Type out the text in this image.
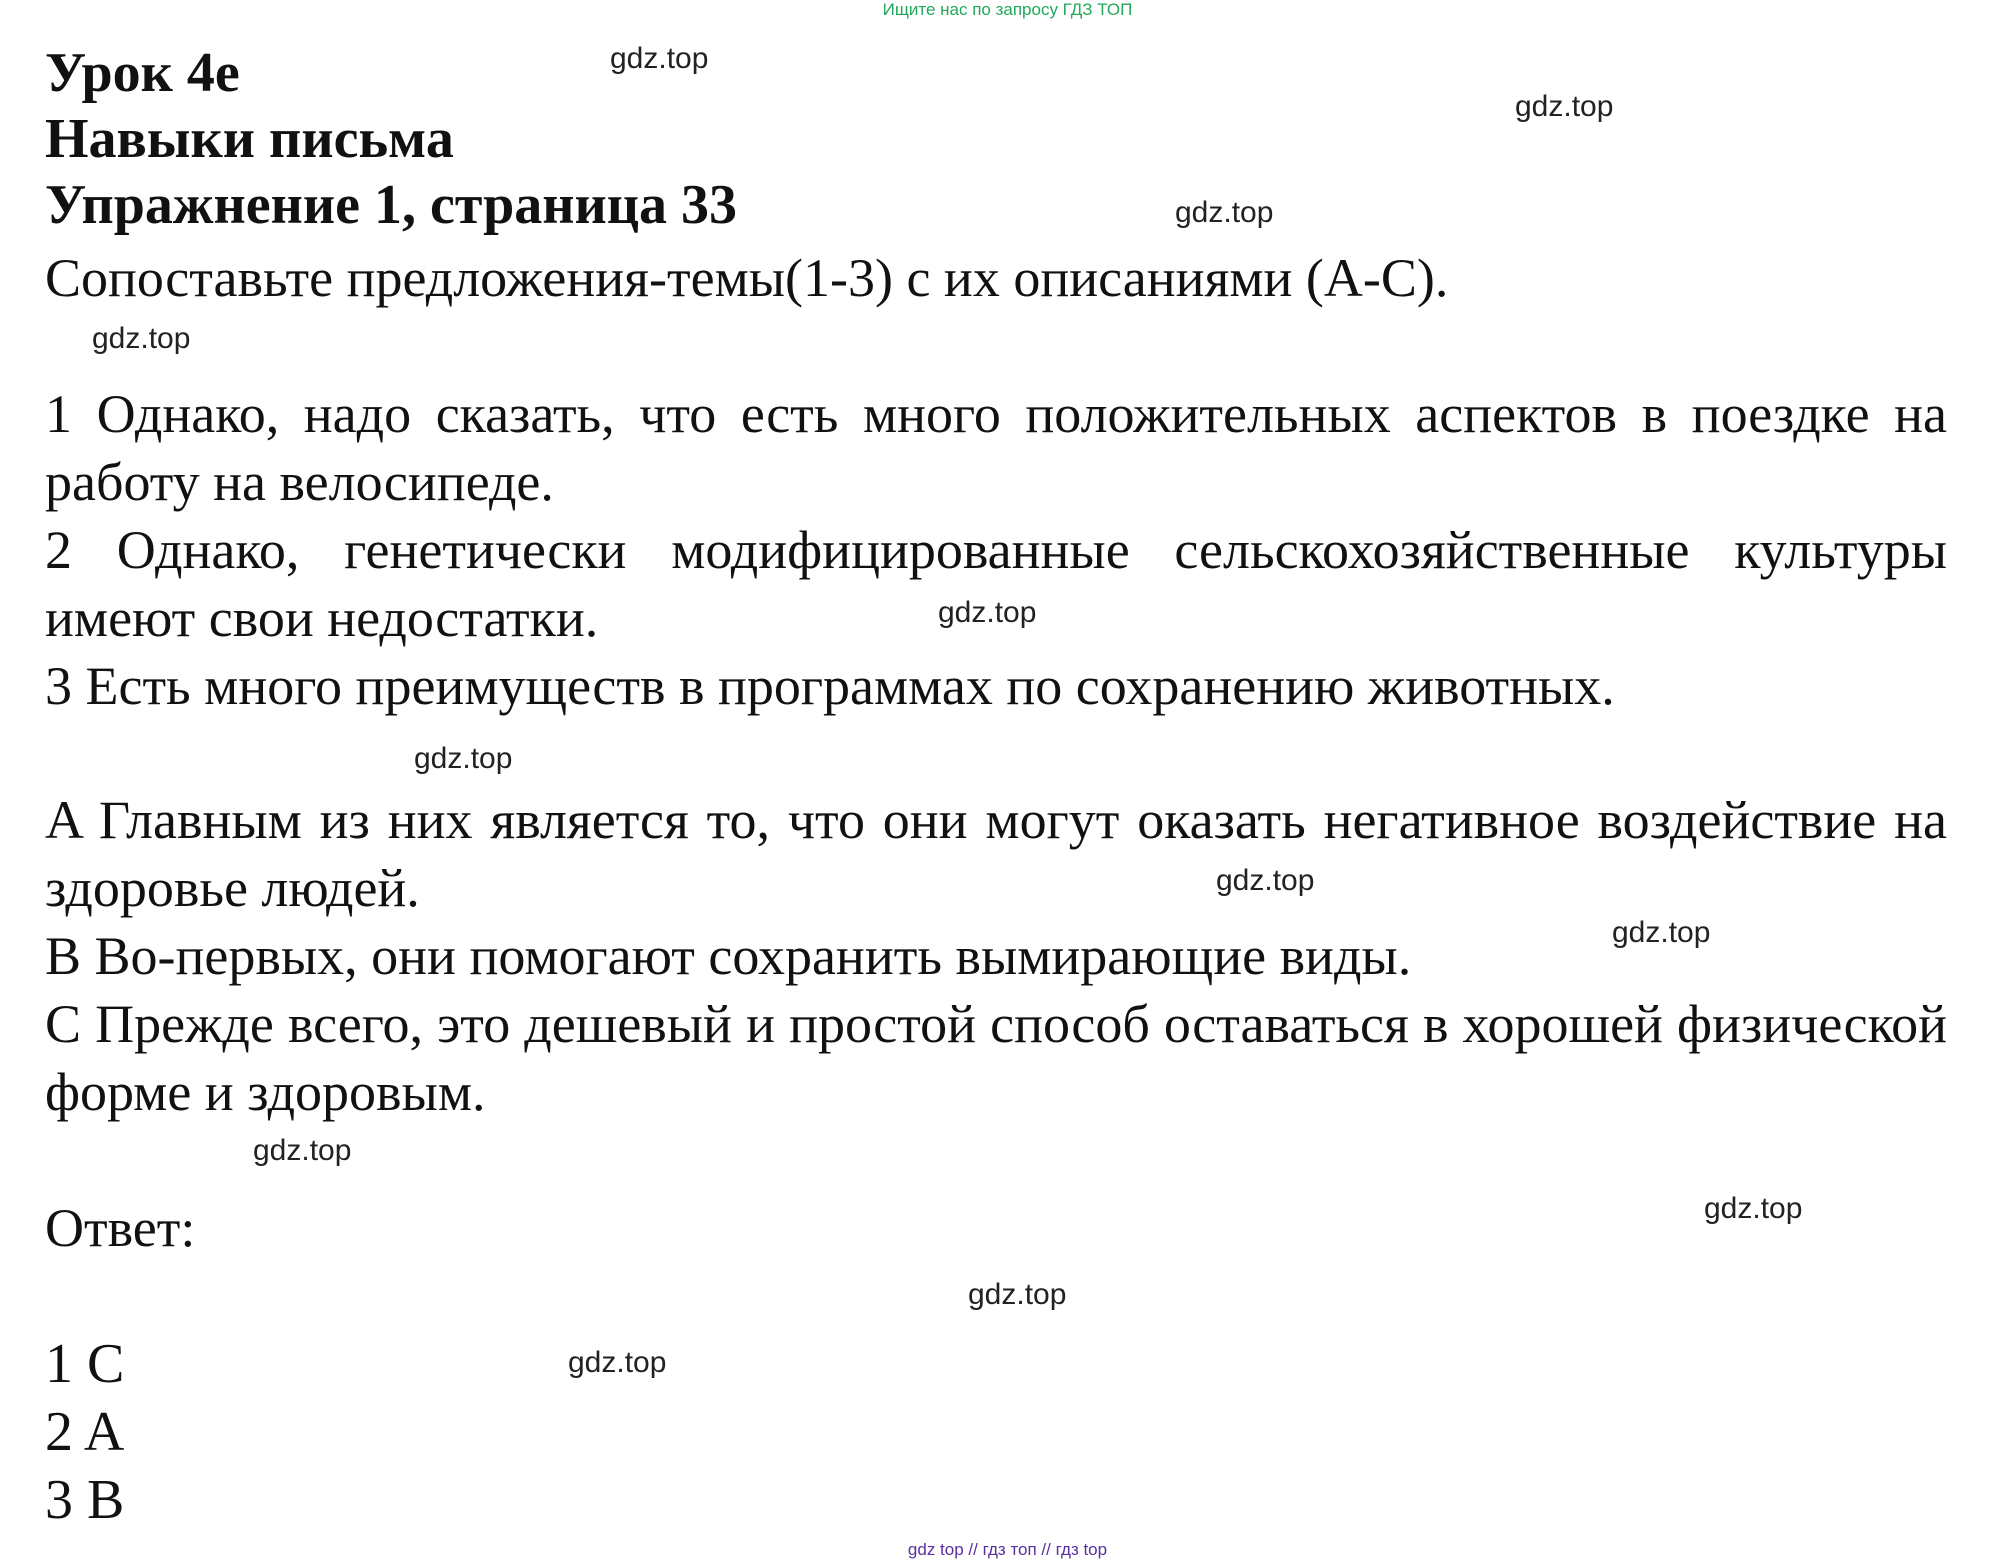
Ищите нас по запросу ГДЗ ТОП
Урок 4e
Навыки письма
Упражнение 1, страница 33
Сопоставьте предложения-темы(1-3) с их описаниями (A-C).
1 Однако, надо сказать, что есть много положительных аспектов в поездке на работу на велосипеде.
2 Однако, генетически модифицированные сельскохозяйственные культуры имеют свои недостатки.
3 Есть много преимуществ в программах по сохранению животных.
A Главным из них является то, что они могут оказать негативное воздействие на здоровье людей.
B Во-первых, они помогают сохранить вымирающие виды.
C Прежде всего, это дешевый и простой способ оставаться в хорошей физической форме и здоровым.
Ответ:
1 C
2 A
3 B
gdz.top
gdz.top
gdz.top
gdz.top
gdz.top
gdz.top
gdz.top
gdz.top
gdz.top
gdz.top
gdz.top
gdz.top
gdz top // гдз топ // гдз top
